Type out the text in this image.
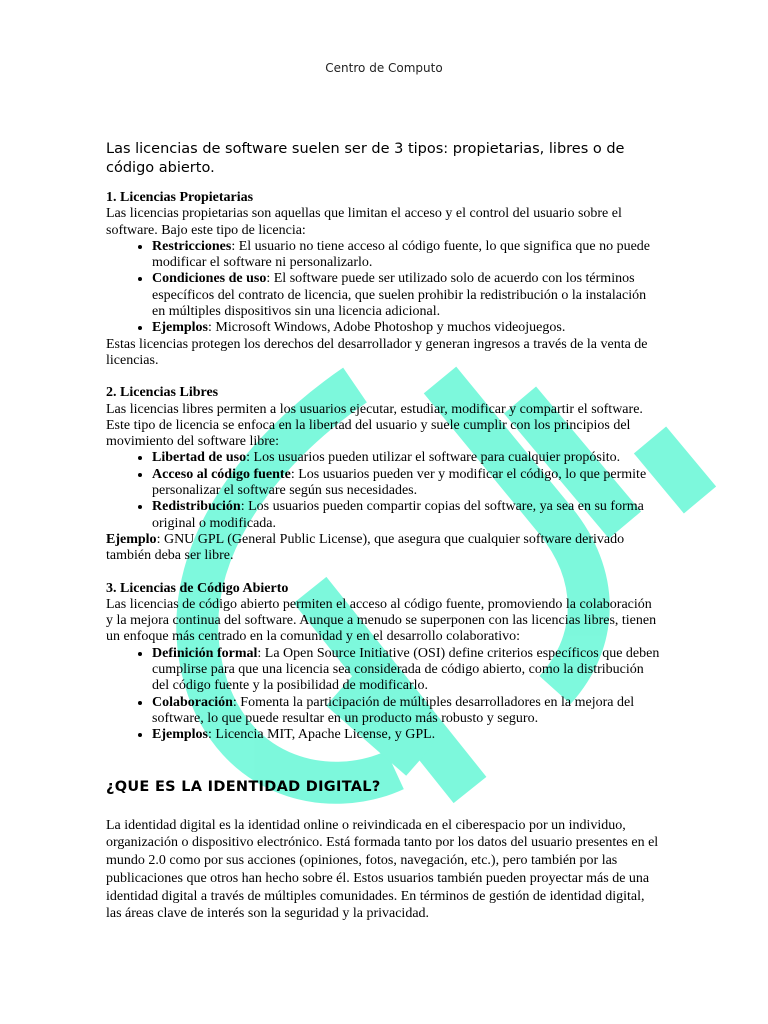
Centro de Computo

Las licencias de software suelen ser de 3 tipos: propietarias, libres o de código abierto.

1. Licencias Propietarias

Las licencias propietarias son aquellas que limitan el acceso y el control del usuario sobre el software. Bajo este tipo de licencia:

• Restricciones: El usuario no tiene acceso al código fuente, lo que significa que no puede modificar el software ni personalizarlo.
• Condiciones de uso: El software puede ser utilizado solo de acuerdo con los términos específicos del contrato de licencia, que suelen prohibir la redistribución o la instalación en múltiples dispositivos sin una licencia adicional.
• Ejemplos: Microsoft Windows, Adobe Photoshop y muchos videojuegos.

Estas licencias protegen los derechos del desarrollador y generan ingresos a través de la venta de licencias.

2. Licencias Libres

Las licencias libres permiten a los usuarios ejecutar, estudiar, modificar y compartir el software. Este tipo de licencia se enfoca en la libertad del usuario y suele cumplir con los principios del movimiento del software libre:

• Libertad de uso: Los usuarios pueden utilizar el software para cualquier propósito.
• Acceso al código fuente: Los usuarios pueden ver y modificar el código, lo que permite personalizar el software según sus necesidades.
• Redistribución: Los usuarios pueden compartir copias del software, ya sea en su forma original o modificada.

Ejemplo: GNU GPL (General Public License), que asegura que cualquier software derivado también deba ser libre.

3. Licencias de Código Abierto

Las licencias de código abierto permiten el acceso al código fuente, promoviendo la colaboración y la mejora continua del software. Aunque a menudo se superponen con las licencias libres, tienen un enfoque más centrado en la comunidad y en el desarrollo colaborativo:

• Definición formal: La Open Source Initiative (OSI) define criterios específicos que deben cumplirse para que una licencia sea considerada de código abierto, como la distribución del código fuente y la posibilidad de modificarlo.
• Colaboración: Fomenta la participación de múltiples desarrolladores en la mejora del software, lo que puede resultar en un producto más robusto y seguro.
• Ejemplos: Licencia MIT, Apache License, y GPL.
¿QUE ES LA IDENTIDAD DIGITAL?

La identidad digital es la identidad online o reivindicada en el ciberespacio por un individuo, organización o dispositivo electrónico. Está formada tanto por los datos del usuario presentes en el mundo 2.0 como por sus acciones (opiniones, fotos, navegación, etc.), pero también por las publicaciones que otros han hecho sobre él. Estos usuarios también pueden proyectar más de una identidad digital a través de múltiples comunidades. En términos de gestión de identidad digital, las áreas clave de interés son la seguridad y la privacidad.
